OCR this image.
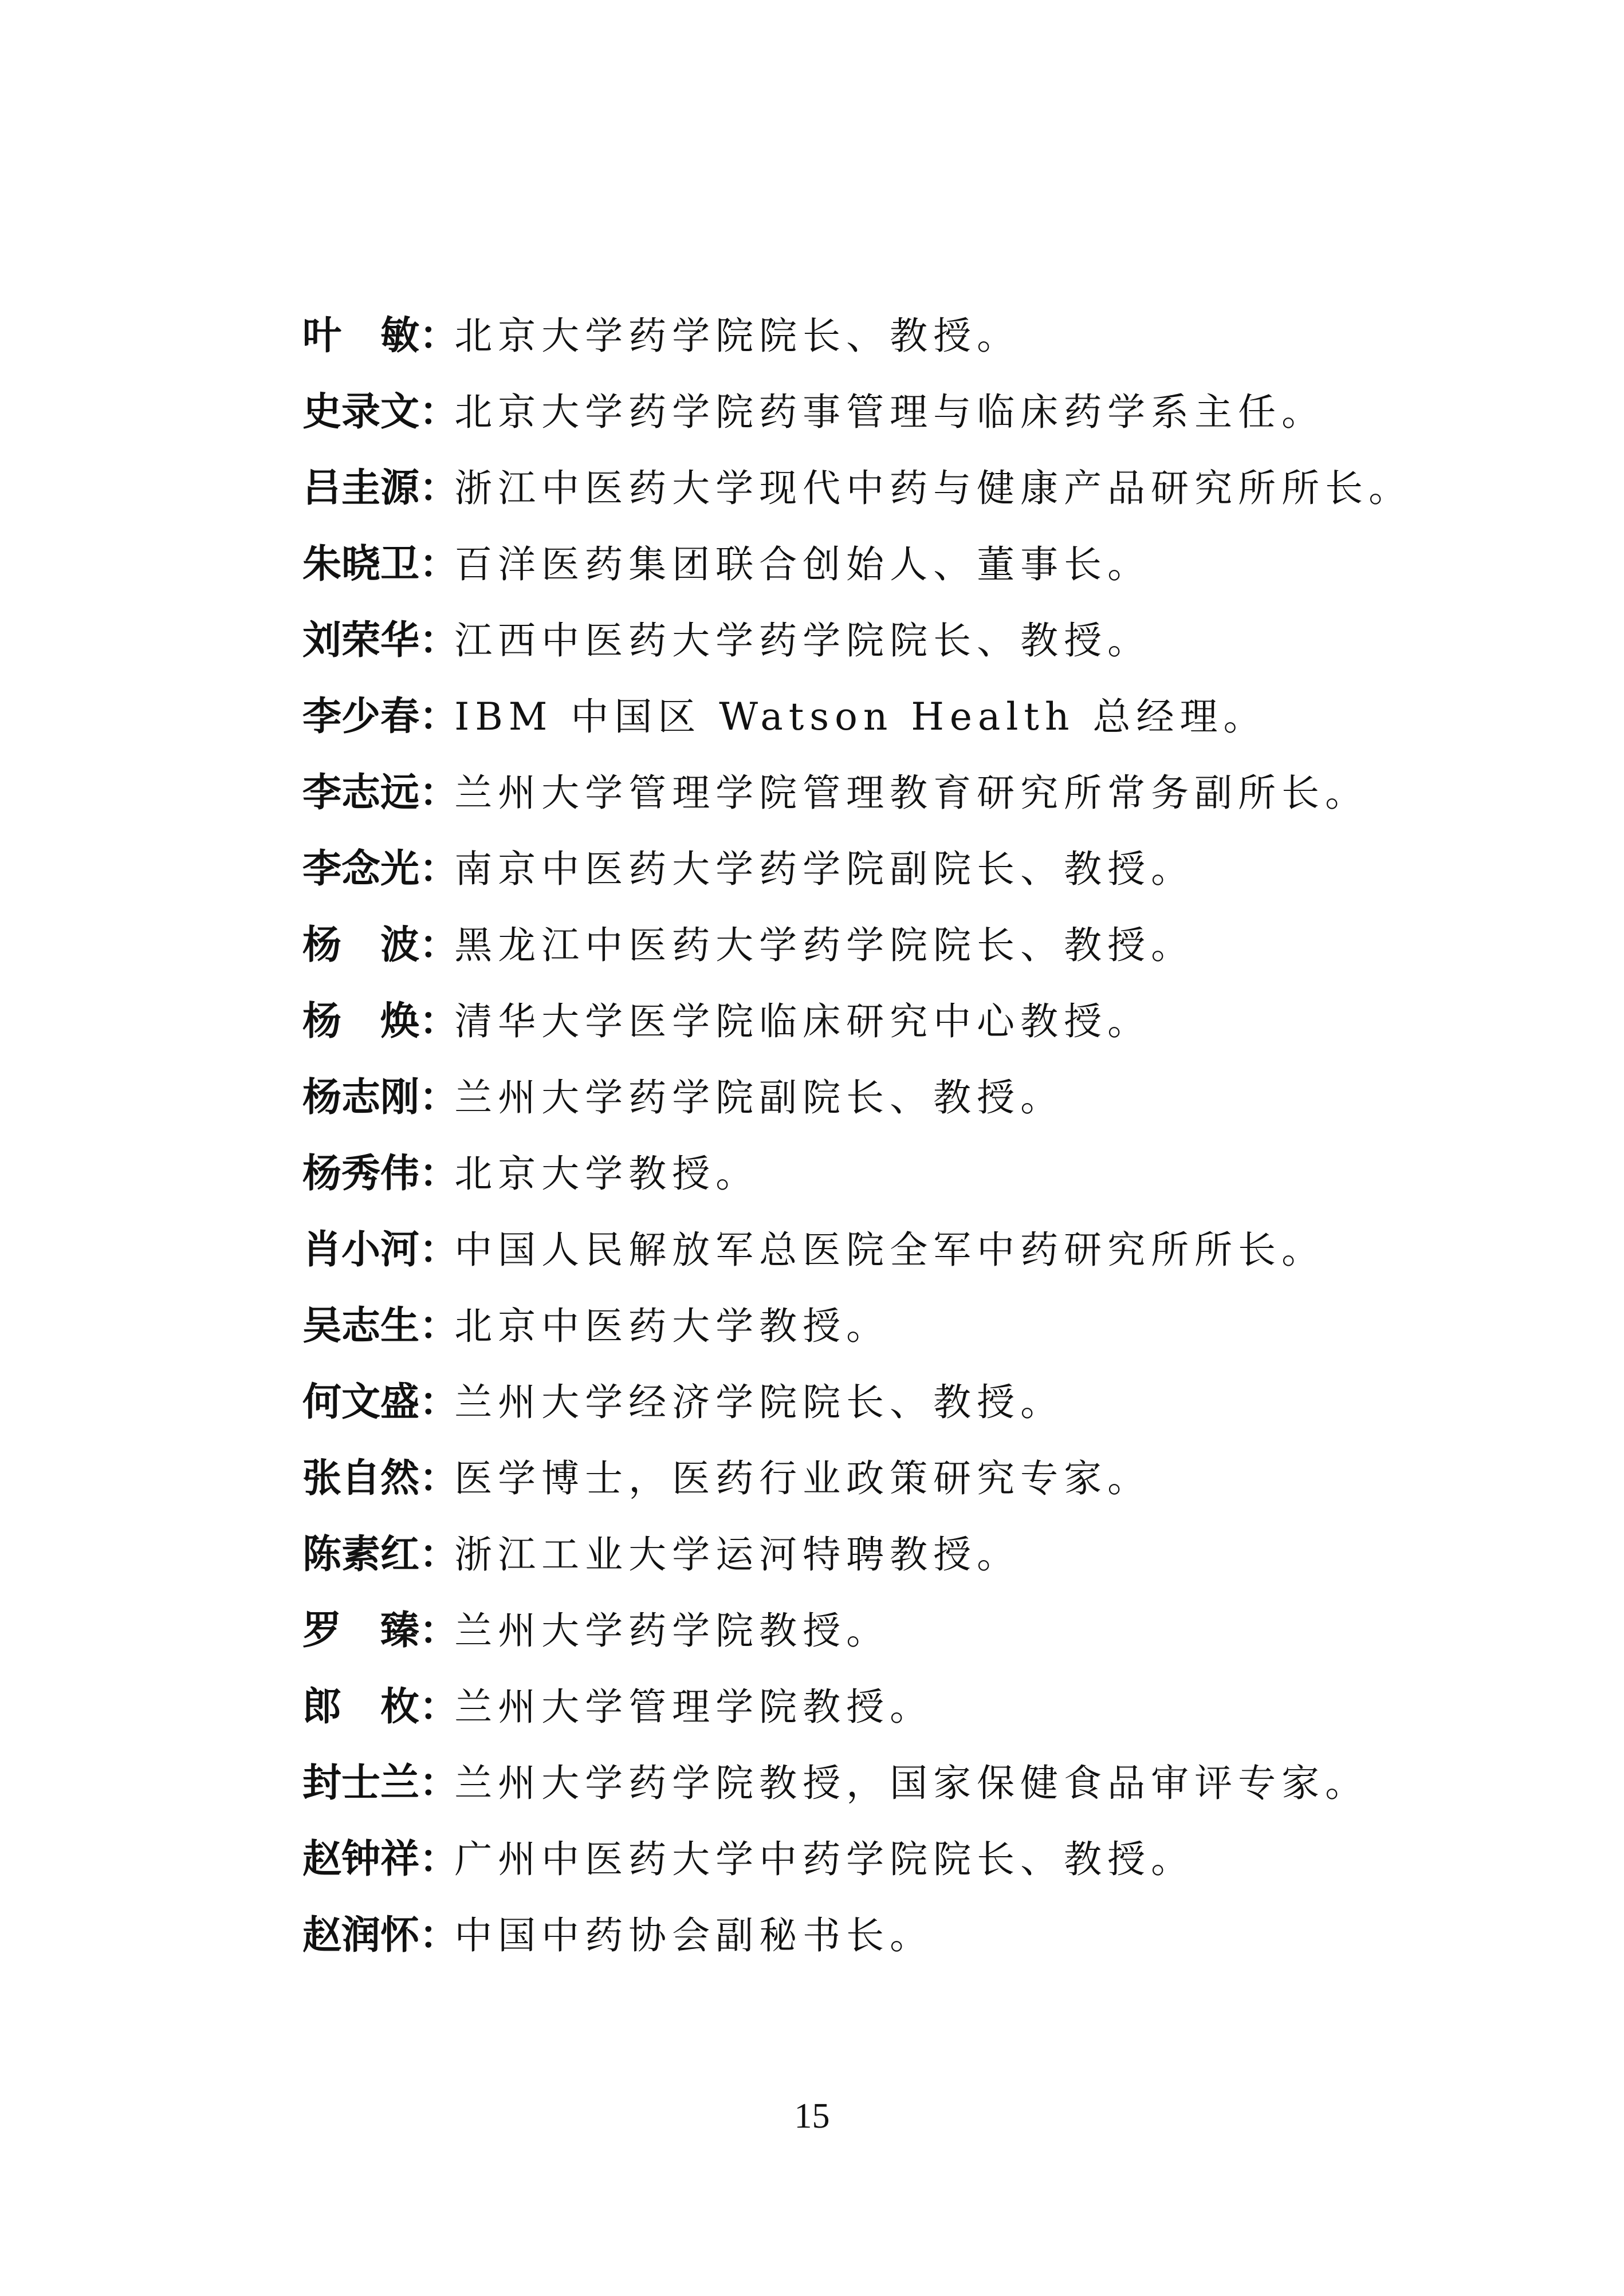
叶　敏 ：
北京大学药学院院长、教授。
史录文 ：
北京大学药学院药事管理与临床药学系主任。
吕圭源 ：
浙江中医药大学现代中药与健康产品研究所所长。
朱晓卫 ：
百洋医药集团联合创始人、董事长。
刘荣华 ：
江西中医药大学药学院院长、教授。
李少春 ：
IBM 中国区 Watson Health 总经理。
李志远 ：
兰州大学管理学院管理教育研究所常务副所长。
李念光 ：
南京中医药大学药学院副院长、教授。
杨　波 ：
黑龙江中医药大学药学院院长、教授。
杨　焕 ：
清华大学医学院临床研究中心教授。
杨志刚 ：
兰州大学药学院副院长、教授。
杨秀伟 ：
北京大学教授。
肖小河 ：
中国人民解放军总医院全军中药研究所所长。
吴志生 ：
北京中医药大学教授。
何文盛 ：
兰州大学经济学院院长、教授。
张自然 ：
医学博士，医药行业政策研究专家。
陈素红 ：
浙江工业大学运河特聘教授。
罗　臻 ：
兰州大学药学院教授。
郎　枚 ：
兰州大学管理学院教授。
封士兰 ：
兰州大学药学院教授，国家保健食品审评专家。
赵钟祥 ：
广州中医药大学中药学院院长、教授。
赵润怀 ：
中国中药协会副秘书长。
15
